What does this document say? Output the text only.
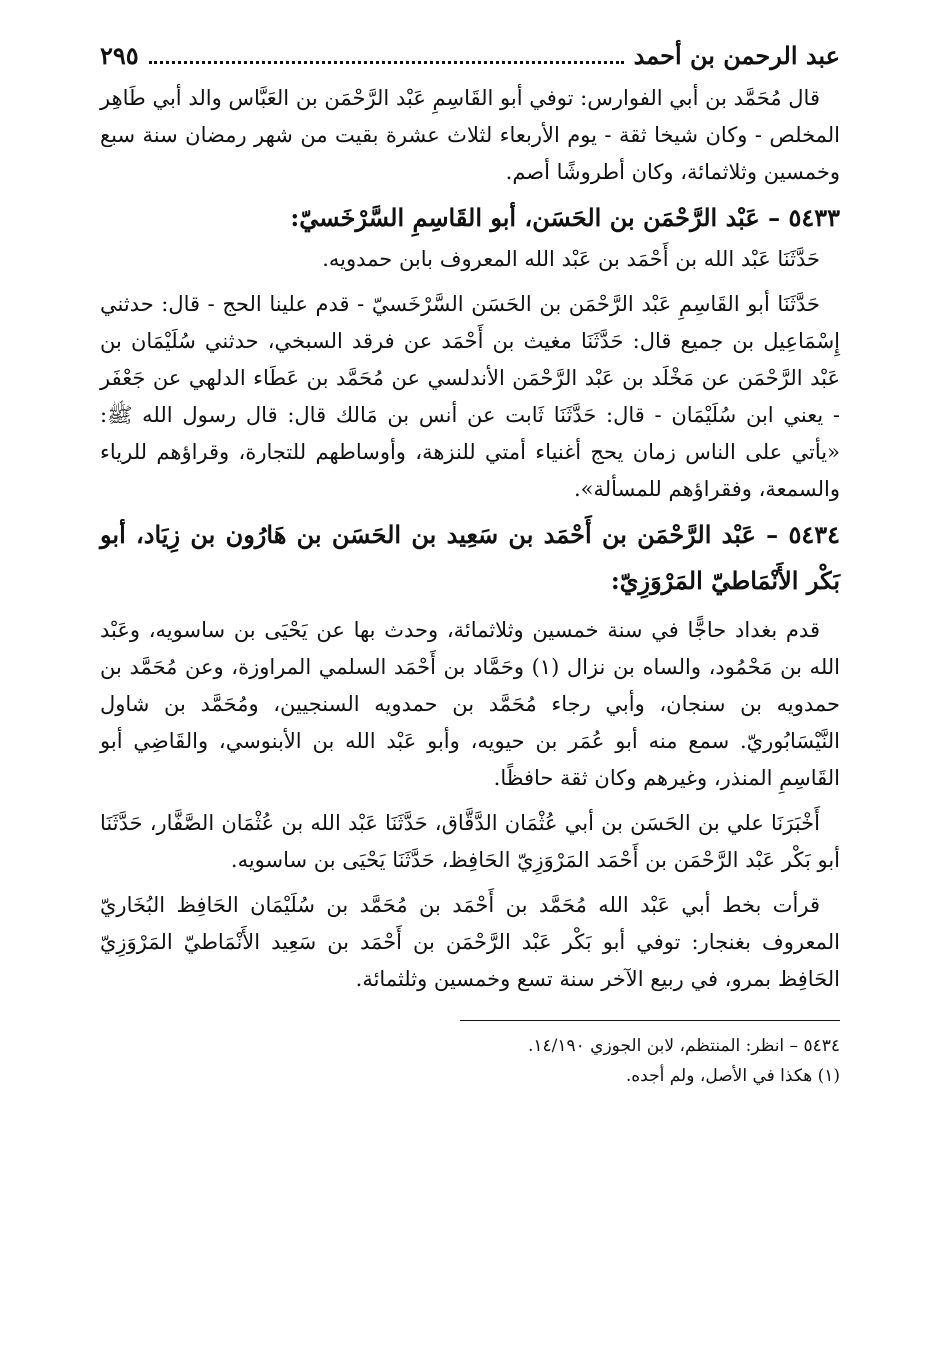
عبد الرحمن بن أحمد
٢٩٥

قال مُحَمَّد بن أبي الفوارس: توفي أبو القَاسِمِ عَبْد الرَّحْمَن بن العَبَّاس والد أبي طَاهِر المخلص - وكان شيخا ثقة - يوم الأربعاء لثلاث عشرة بقيت من شهر رمضان سنة سبع وخمسين وثلاثمائة، وكان أطروشًا أصم.

٥٤٣٣ – عَبْد الرَّحْمَن بن الحَسَن، أبو القَاسِمِ السَّرْخَسيّ:

حَدَّثَنَا عَبْد الله بن أَحْمَد بن عَبْد الله المعروف بابن حمدويه.

حَدَّثَنَا أبو القَاسِمِ عَبْد الرَّحْمَن بن الحَسَن السَّرْخَسيّ - قدم علينا الحج - قال: حدثني إِسْمَاعِيل بن جميع قال: حَدَّثَنَا مغيث بن أَحْمَد عن فرقد السبخي، حدثني سُلَيْمَان بن عَبْد الرَّحْمَن عن مَخْلَد بن عَبْد الرَّحْمَن الأندلسي عن مُحَمَّد بن عَطَاء الدلهي عن جَعْفَر - يعني ابن سُلَيْمَان - قال: حَدَّثَنَا ثَابت عن أنس بن مَالك قال: قال رسول الله ﷺ: «يأتي على الناس زمان يحج أغنياء أمتي للنزهة، وأوساطهم للتجارة، وقراؤهم للرياء والسمعة، وفقراؤهم للمسألة».

٥٤٣٤ – عَبْد الرَّحْمَن بن أَحْمَد بن سَعِيد بن الحَسَن بن هَارُون بن زِيَاد، أبو بَكْر الأَنْمَاطيّ المَرْوَزِيّ:

قدم بغداد حاجًّا في سنة خمسين وثلاثمائة، وحدث بها عن يَحْيَى بن ساسويه، وعَبْد الله بن مَحْمُود، والساه بن نزال (١) وحَمَّاد بن أَحْمَد السلمي المراوزة، وعن مُحَمَّد بن حمدويه بن سنجان، وأبي رجاء مُحَمَّد بن حمدويه السنجيين، ومُحَمَّد بن شاول النَّيْسَابُوريّ. سمع منه أبو عُمَر بن حيويه، وأبو عَبْد الله بن الأبنوسي، والقَاضِي أبو القَاسِمِ المنذر، وغيرهم وكان ثقة حافظًا.

أَخْبَرَنَا علي بن الحَسَن بن أبي عُثْمَان الدَّقَّاق، حَدَّثَنَا عَبْد الله بن عُثْمَان الصَّفَّار، حَدَّثَنَا أبو بَكْر عَبْد الرَّحْمَن بن أَحْمَد المَرْوَزِيّ الحَافِظ، حَدَّثَنَا يَحْيَى بن ساسويه.

قرأت بخط أبي عَبْد الله مُحَمَّد بن أَحْمَد بن مُحَمَّد بن سُلَيْمَان الحَافِظ البُخَاريّ المعروف بغنجار: توفي أبو بَكْر عَبْد الرَّحْمَن بن أَحْمَد بن سَعِيد الأَنْمَاطيّ المَرْوَزِيّ الحَافِظ بمرو، في ربيع الآخر سنة تسع وخمسين وثلثمائة.

٥٤٣٤ – انظر: المنتظم، لابن الجوزي ١٤/١٩٠.
(١) هكذا في الأصل، ولم أجده.
